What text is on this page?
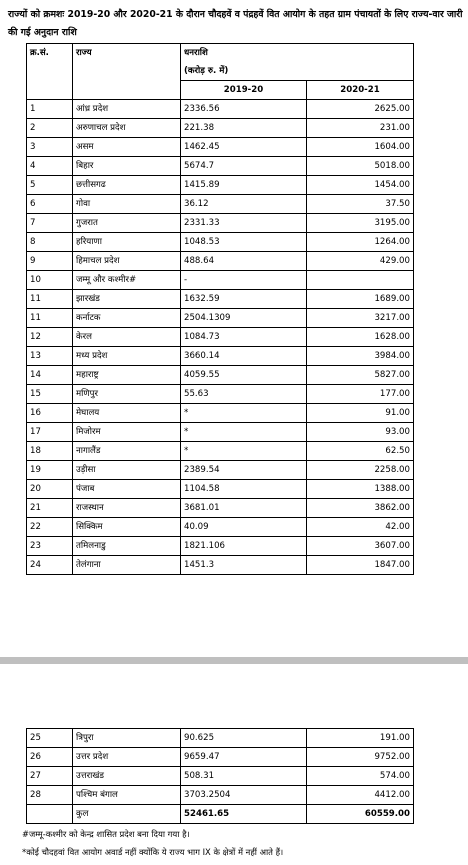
राज्यों को क्रमशः 2019-20 और 2020-21 के दौरान चौदहवें व पंद्रहवें वित आयोग के तहत ग्राम पंचायतों के लिए राज्य-वार जारी की गई अनुदान राशि
क्र.सं.	राज्य	धनराशि	
		(करोड़ रु. में)	
		2019-20	2020-21
1	आंध्र प्रदेश	2336.56	2625.00
2	अरुणाचल प्रदेश	221.38	231.00
3	असम	1462.45	1604.00
4	बिहार	5674.7	5018.00
5	छत्तीसगढ	1415.89	1454.00
6	गोवा	36.12	37.50
7	गुजरात	2331.33	3195.00
8	हरियाणा	1048.53	1264.00
9	हिमाचल प्रदेश	488.64	429.00
10	जम्मू और कश्मीर#	-	
11	झारखंड	1632.59	1689.00
11	कर्नाटक	2504.1309	3217.00
12	केरल	1084.73	1628.00
13	मध्य प्रदेश	3660.14	3984.00
14	महाराष्ट्र	4059.55	5827.00
15	मणिपुर	55.63	177.00
16	मेघालय	*	91.00
17	मिजोरम	*	93.00
18	नागालैंड	*	62.50
19	उड़ीसा	2389.54	2258.00
20	पंजाब	1104.58	1388.00
21	राजस्थान	3681.01	3862.00
22	सिक्किम	40.09	42.00
23	तमिलनाडु	1821.106	3607.00
24	तेलंगाना	1451.3	1847.00
25	त्रिपुरा	90.625	191.00
26	उत्तर प्रदेश	9659.47	9752.00
27	उत्तराखंड	508.31	574.00
28	पश्चिम बंगाल	3703.2504	4412.00
	कुल	52461.65	60559.00
#जम्मू-कश्मीर को केन्द्र शासित प्रदेश बना दिया गया है।
*कोई चौदहवां वित आयोग अवार्ड नहीं क्योंकि ये राज्य भाग IX के क्षेत्रों में नहीं आते हैं।
